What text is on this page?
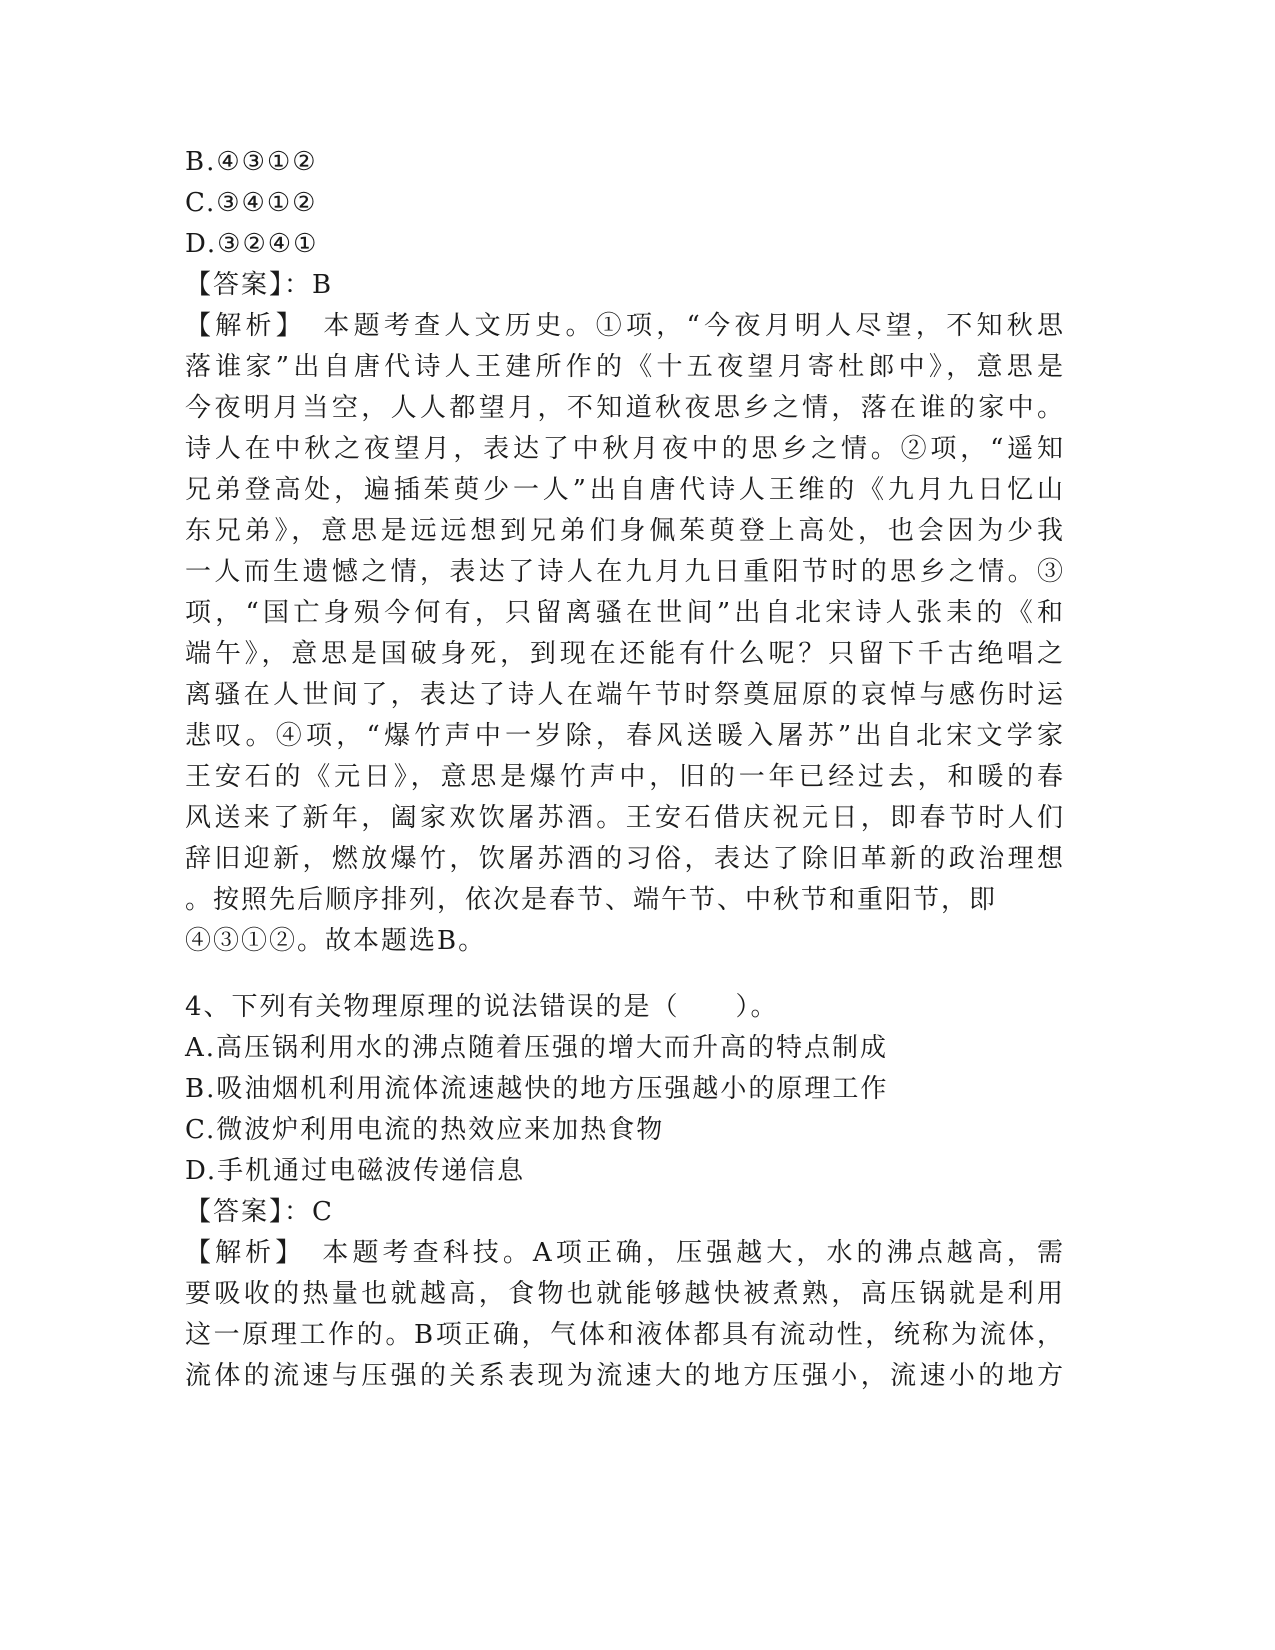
B.④③①②
C.③④①②
D.③②④①
【答案】：B
【解析】　本题考查人文历史。①项，“今夜月明人尽望，不知秋思
落谁家”出自唐代诗人王建所作的《十五夜望月寄杜郎中》，意思是
今夜明月当空，人人都望月，不知道秋夜思乡之情，落在谁的家中。
诗人在中秋之夜望月，表达了中秋月夜中的思乡之情。②项，“遥知
兄弟登高处，遍插茱萸少一人”出自唐代诗人王维的《九月九日忆山
东兄弟》，意思是远远想到兄弟们身佩茱萸登上高处，也会因为少我
一人而生遗憾之情，表达了诗人在九月九日重阳节时的思乡之情。③
项，“国亡身殒今何有，只留离骚在世间”出自北宋诗人张耒的《和
端午》，意思是国破身死，到现在还能有什么呢？只留下千古绝唱之
离骚在人世间了，表达了诗人在端午节时祭奠屈原的哀悼与感伤时运
悲叹。④项，“爆竹声中一岁除，春风送暖入屠苏”出自北宋文学家
王安石的《元日》，意思是爆竹声中，旧的一年已经过去，和暖的春
风送来了新年，阖家欢饮屠苏酒。王安石借庆祝元日，即春节时人们
辞旧迎新，燃放爆竹，饮屠苏酒的习俗，表达了除旧革新的政治理想
。按照先后顺序排列，依次是春节、端午节、中秋节和重阳节，即
④③①②。故本题选B。
4、下列有关物理原理的说法错误的是（　　）。
A.高压锅利用水的沸点随着压强的增大而升高的特点制成
B.吸油烟机利用流体流速越快的地方压强越小的原理工作
C.微波炉利用电流的热效应来加热食物
D.手机通过电磁波传递信息
【答案】：C
【解析】　本题考查科技。A项正确，压强越大，水的沸点越高，需
要吸收的热量也就越高，食物也就能够越快被煮熟，高压锅就是利用
这一原理工作的。B项正确，气体和液体都具有流动性，统称为流体，
流体的流速与压强的关系表现为流速大的地方压强小，流速小的地方
